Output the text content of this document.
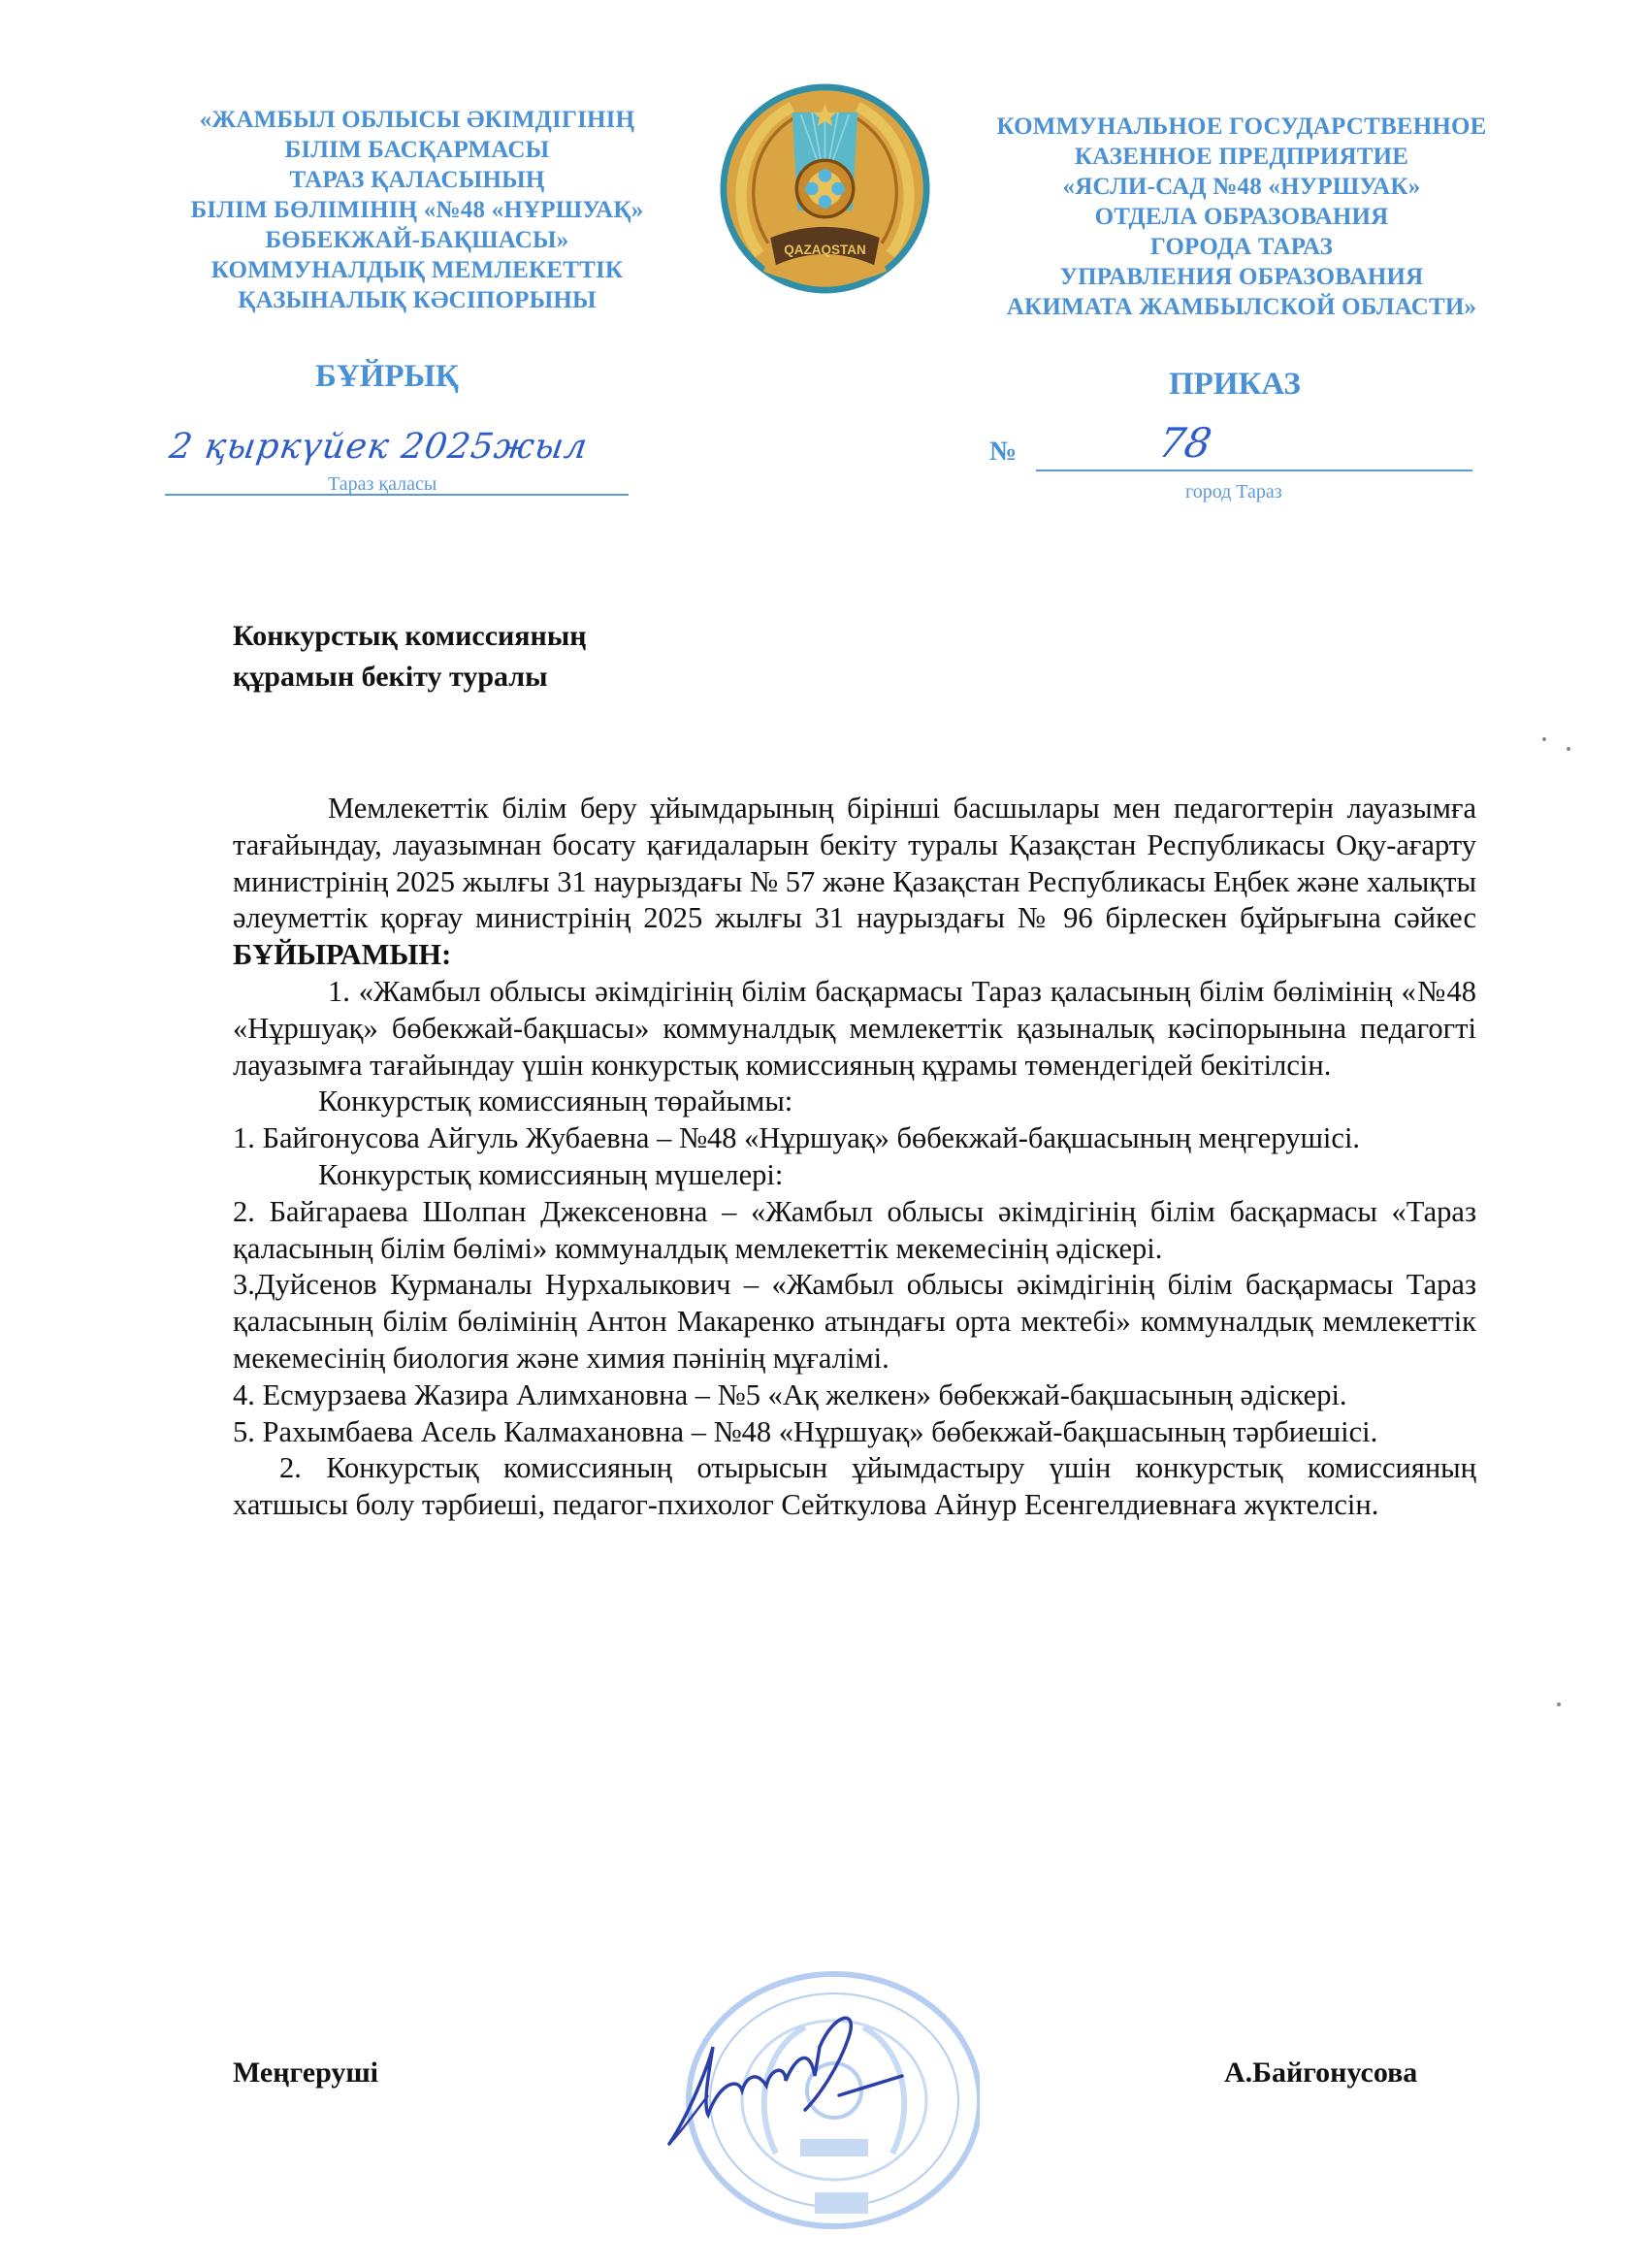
«ЖАМБЫЛ ОБЛЫСЫ ӘКІМДІГІНІҢ
БІЛІМ БАСҚАРМАСЫ
ТАРАЗ ҚАЛАСЫНЫҢ
БІЛІМ БӨЛІМІНІҢ «№48 «НҰРШУАҚ»
БӨБЕКЖАЙ-БАҚШАСЫ»
КОММУНАЛДЫҚ МЕМЛЕКЕТТІК
ҚАЗЫНАЛЫҚ КӘСІПОРЫНЫ
QAZAQSTAN
КОММУНАЛЬНОЕ ГОСУДАРСТВЕННОЕ
КАЗЕННОЕ ПРЕДПРИЯТИЕ
«ЯСЛИ-САД №48 «НУРШУАК»
ОТДЕЛА ОБРАЗОВАНИЯ
ГОРОДА ТАРАЗ
УПРАВЛЕНИЯ ОБРАЗОВАНИЯ
АКИМАТА ЖАМБЫЛСКОЙ ОБЛАСТИ»
БҰЙРЫҚ	ПРИКАЗ
2 қыркүйек 2025жыл
Тараз қаласы
№	78
город Тараз
Конкурстық комиссияның
құрамын бекіту туралы

Мемлекеттік білім беру ұйымдарының бірінші басшылары мен педагогтерін лауазымға тағайындау, лауазымнан босату қағидаларын бекіту туралы Қазақстан Республикасы Оқу-ағарту министрінің 2025 жылғы 31 наурыздағы № 57 және Қазақстан Республикасы Еңбек және халықты әлеуметтік қорғау министрінің 2025 жылғы 31 наурыздағы № 96 бірлескен бұйрығына сәйкес БҰЙЫРАМЫН:

1. «Жамбыл облысы әкімдігінің білім басқармасы Тараз қаласының білім бөлімінің «№48 «Нұршуақ» бөбекжай-бақшасы» коммуналдық мемлекеттік қазыналық кәсіпорынына педагогті лауазымға тағайындау үшін конкурстық комиссияның құрамы төмендегідей бекітілсін.

Конкурстық комиссияның төрайымы:

1. Байгонусова Айгуль Жубаевна – №48 «Нұршуақ» бөбекжай-бақшасының меңгерушісі.

Конкурстық комиссияның мүшелері:

2. Байгараева Шолпан Джексеновна – «Жамбыл облысы әкімдігінің білім басқармасы «Тараз қаласының білім бөлімі» коммуналдық мемлекеттік мекемесінің әдіскері.

3.Дуйсенов Курманалы Нурхалыкович – «Жамбыл облысы әкімдігінің білім басқармасы Тараз қаласының білім бөлімінің Антон Макаренко атындағы орта мектебі» коммуналдық мемлекеттік мекемесінің биология және химия пәнінің мұғалімі.

4. Есмурзаева Жазира Алимхановна – №5 «Ақ желкен» бөбекжай-бақшасының әдіскері.

5. Рахымбаева Асель Калмахановна – №48 «Нұршуақ» бөбекжай-бақшасының тәрбиешісі.

2. Конкурстық комиссияның отырысын ұйымдастыру үшін конкурстық комиссияның хатшысы болу тәрбиеші, педагог-пхихолог Сейткулова Айнур Есенгелдиевнаға жүктелсін.

Меңгеруші	А.Байгонусова
